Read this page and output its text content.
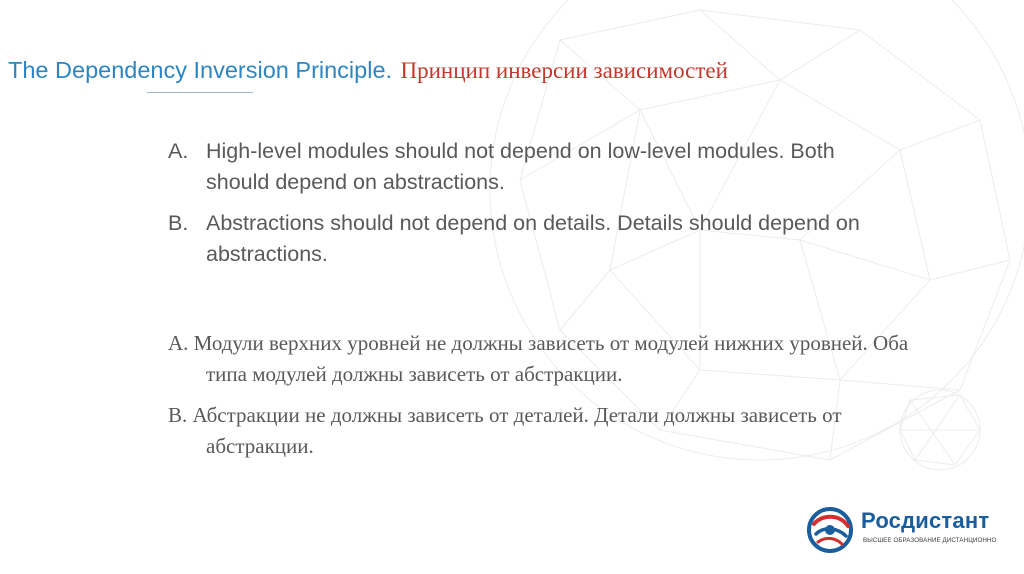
The Dependency Inversion Principle. Принцип инверсии зависимостей
A. High-level modules should not depend on low-level modules. Both should depend on abstractions.
B. Abstractions should not depend on details. Details should depend on abstractions.
A. Модули верхних уровней не должны зависеть от модулей нижних уровней. Оба типа модулей должны зависеть от абстракции.
B. Абстракции не должны зависеть от деталей. Детали должны зависеть от абстракции.
Росдистант
ВЫСШЕЕ ОБРАЗОВАНИЕ ДИСТАНЦИОННО
